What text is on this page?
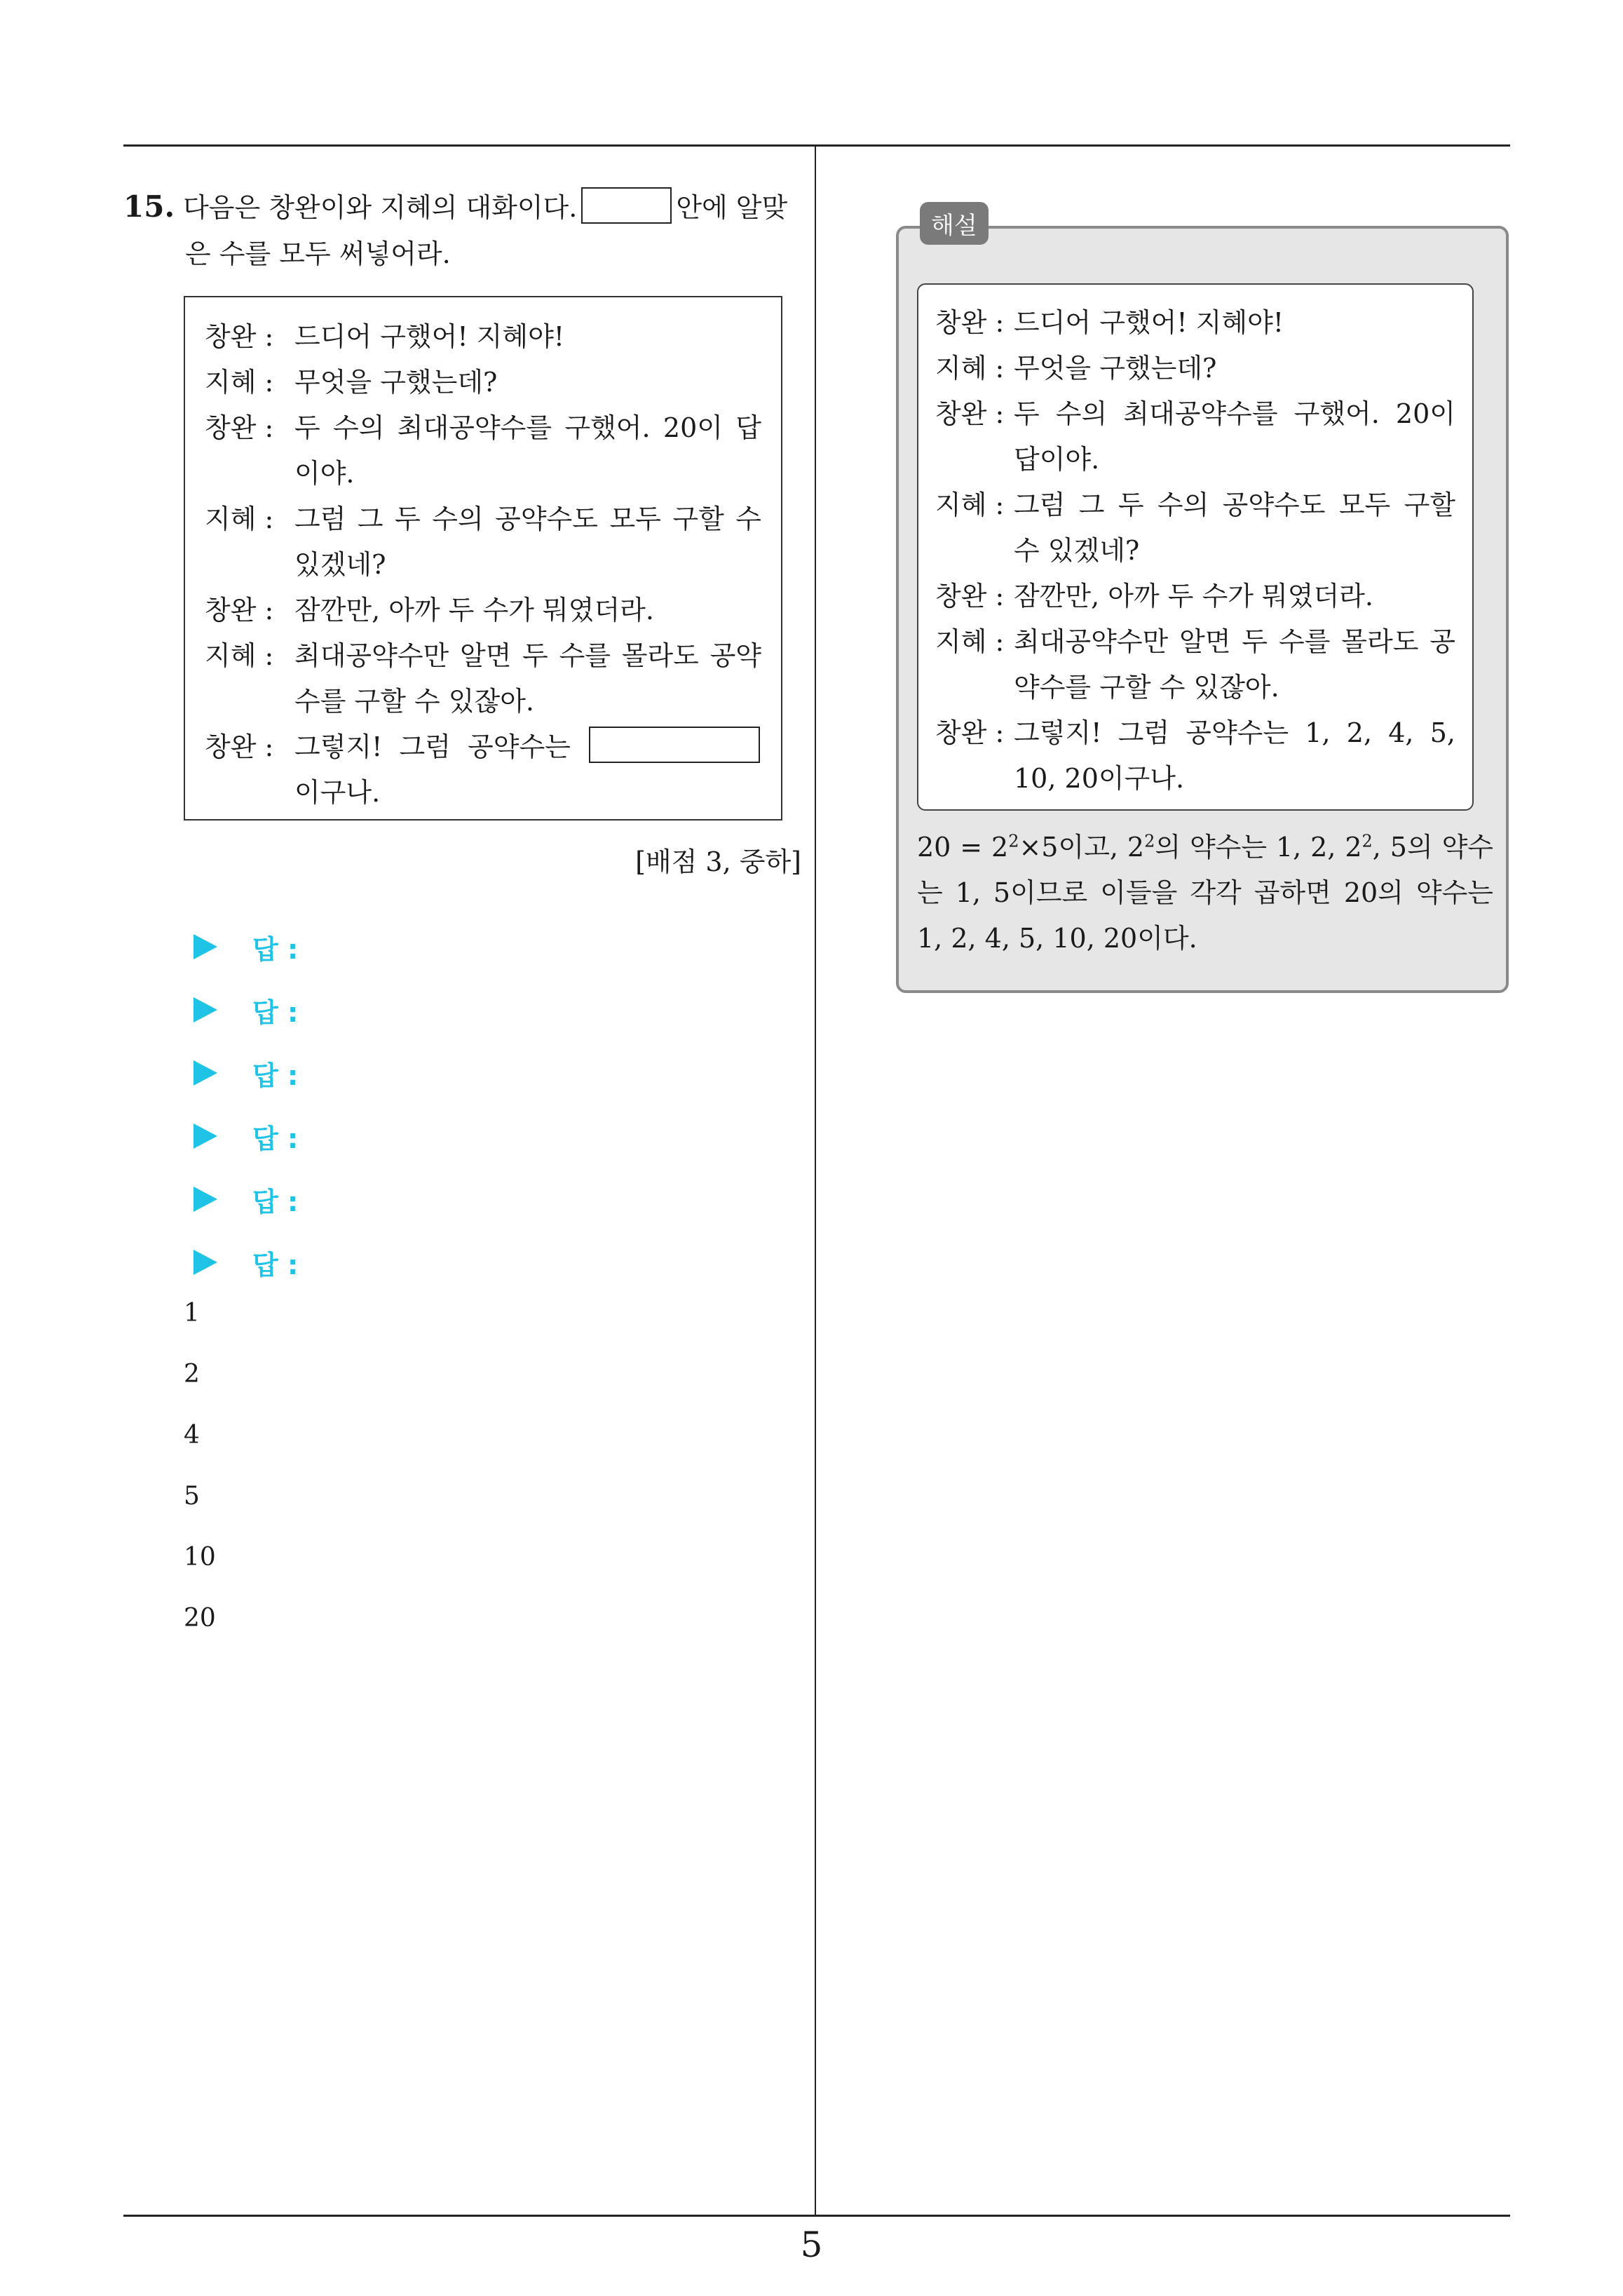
15. 다음은 창완이와 지혜의 대화이다.	안에 알맞
은 수를 모두 써넣어라.
창완 : 드디어 구했어! 지혜야!
지혜 : 무엇을 구했는데?
창완 : 두 수의 최대공약수를 구했어. 20이 답이야.
지혜 : 그럼 그 두 수의 공약수도 모두 구할 수 있겠네?
창완 : 잠깐만, 아까 두 수가 뭐였더라.
지혜 : 최대공약수만 알면 두 수를 몰라도 공약수를 구할 수 있잖아.
창완 : 그렇지! 그럼 공약수는 이구나.
[배점 3, 중하]
답 :
답 :
답 :
답 :
답 :
답 :
1
2
4
5
10
20
해설
창완 : 드디어 구했어! 지혜야!
지혜 : 무엇을 구했는데?
창완 : 두 수의 최대공약수를 구했어. 20이 답이야.
지혜 : 그럼 그 두 수의 공약수도 모두 구할 수 있겠네?
창완 : 잠깐만, 아까 두 수가 뭐였더라.
지혜 : 최대공약수만 알면 두 수를 몰라도 공약수를 구할 수 있잖아.
창완 : 그렇지! 그럼 공약수는 1, 2, 4, 5, 10, 20이구나.
$20 = 2^2\times 5$이고, $2^2$의 약수는 1, 2, $2^2$, 5의 약수는 1, 5이므로 이들을 각각 곱하면 20의 약수는 1, 2, 4, 5, 10, 20이다.
5
